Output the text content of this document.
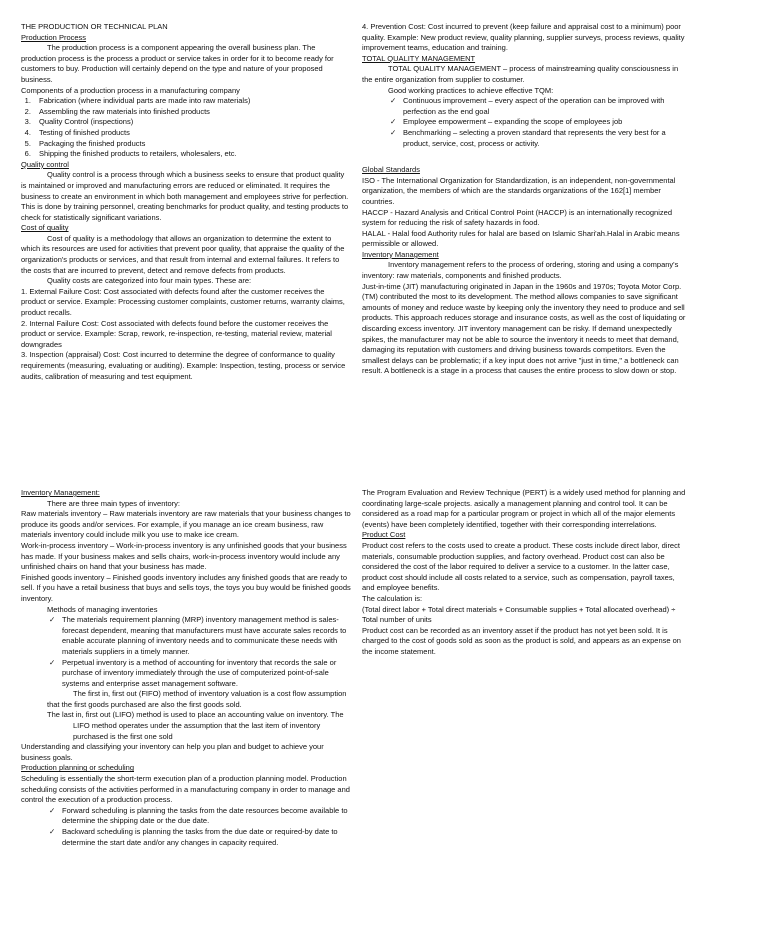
THE PRODUCTION OR TECHNICAL PLAN

Production Process

The production process is a component appearing the overall business plan. The production process is the process a product or service takes in order for it to become ready for customers to buy. Production will certainly depend on the type and nature of your proposed business.

Components of a production process in a manufacturing company

1. Fabrication (where individual parts are made into raw materials)
2. Assembling the raw materials into finished products
3. Quality Control (inspections)
4. Testing of finished products
5. Packaging the finished products
6. Shipping the finished products to retailers, wholesalers, etc.

Quality control

Quality control is a process through which a business seeks to ensure that product quality is maintained or improved and manufacturing errors are reduced or eliminated. It requires the business to create an environment in which both management and employees strive for perfection. This is done by training personnel, creating benchmarks for product quality, and testing products to check for statistically significant variations.

Cost of quality

Cost of quality is a methodology that allows an organization to determine the extent to which its resources are used for activities that prevent poor quality, that appraise the quality of the organization's products or services, and that result from internal and external failures. It refers to the costs that are incurred to prevent, detect and remove defects from products.

Quality costs are categorized into four main types. These are:

1. External Failure Cost: Cost associated with defects found after the customer receives the product or service. Example: Processing customer complaints, customer returns, warranty claims, product recalls.

2. Internal Failure Cost: Cost associated with defects found before the customer receives the product or service. Example: Scrap, rework, re-inspection, re-testing, material review, material downgrades

3. Inspection (appraisal) Cost: Cost incurred to determine the degree of conformance to quality requirements (measuring, evaluating or auditing). Example: Inspection, testing, process or service audits, calibration of measuring and test equipment.

4. Prevention Cost: Cost incurred to prevent (keep failure and appraisal cost to a minimum) poor quality. Example: New product review, quality planning, supplier surveys, process reviews, quality improvement teams, education and training.

TOTAL QUALITY MANAGEMENT

TOTAL QUALITY MANAGEMENT – process of mainstreaming quality consciousness in the entire organization from supplier to costumer.

Good working practices to achieve effective TQM:

✓ Continuous improvement – every aspect of the operation can be improved with perfection as the end goal
✓ Employee empowerment – expanding the scope of employees job
✓ Benchmarking – selecting a proven standard that represents the very best for a product, service, cost, process or activity.

Global Standards

ISO - The International Organization for Standardization, is an independent, non-governmental organization, the members of which are the standards organizations of the 162[1] member countries.

HACCP - Hazard Analysis and Critical Control Point (HACCP) is an internationally recognized system for reducing the risk of safety hazards in food.

HALAL - Halal food Authority rules for halal are based on Islamic Shari'ah.Halal in Arabic means permissible or allowed.

Inventory Management

Inventory management refers to the process of ordering, storing and using a company's inventory: raw materials, components and finished products.

Just-in-time (JIT) manufacturing originated in Japan in the 1960s and 1970s; Toyota Motor Corp. (TM) contributed the most to its development. The method allows companies to save significant amounts of money and reduce waste by keeping only the inventory they need to produce and sell products. This approach reduces storage and insurance costs, as well as the cost of liquidating or discarding excess inventory. JIT inventory management can be risky. If demand unexpectedly spikes, the manufacturer may not be able to source the inventory it needs to meet that demand, damaging its reputation with customers and driving business towards competitors. Even the smallest delays can be problematic; if a key input does not arrive "just in time," a bottleneck can result. A bottleneck is a stage in a process that causes the entire process to slow down or stop.

Inventory Management:

There are three main types of inventory:

Raw materials inventory – Raw materials inventory are raw materials that your business changes to produce its goods and/or services. For example, if you manage an ice cream business, raw materials inventory could include milk you use to make ice cream.

Work-in-process inventory – Work-in-process inventory is any unfinished goods that your business has made. If your business makes and sells chairs, work-in-process inventory would include any unfinished chairs on hand that your business has made.

Finished goods inventory – Finished goods inventory includes any finished goods that are ready to sell. If you have a retail business that buys and sells toys, the toys you buy would be finished goods inventory.

Methods of managing inventories

✓ The materials requirement planning (MRP) inventory management method is sales-forecast dependent, meaning that manufacturers must have accurate sales records to enable accurate planning of inventory needs and to communicate these needs with materials suppliers in a timely manner.
✓ Perpetual inventory is a method of accounting for inventory that records the sale or purchase of inventory immediately through the use of computerized point-of-sale systems and enterprise asset management software.

The first in, first out (FIFO) method of inventory valuation is a cost flow assumption that the first goods purchased are also the first goods sold.

The last in, first out (LIFO) method is used to place an accounting value on inventory. The

LIFO method operates under the assumption that the last item of inventory purchased is the first one sold

Understanding and classifying your inventory can help you plan and budget to achieve your business goals.

Production planning or scheduling

Scheduling is essentially the short-term execution plan of a production planning model. Production scheduling consists of the activities performed in a manufacturing company in order to manage and control the execution of a production process.

✓ Forward scheduling is planning the tasks from the date resources become available to determine the shipping date or the due date.
✓ Backward scheduling is planning the tasks from the due date or required-by date to determine the start date and/or any changes in capacity required.

The Program Evaluation and Review Technique (PERT) is a widely used method for planning and coordinating large-scale projects. asically a management planning and control tool. It can be considered as a road map for a particular program or project in which all of the major elements (events) have been completely identified, together with their corresponding interrelations.

Product Cost

Product cost refers to the costs used to create a product. These costs include direct labor, direct materials, consumable production supplies, and factory overhead. Product cost can also be considered the cost of the labor required to deliver a service to a customer. In the latter case, product cost should include all costs related to a service, such as compensation, payroll taxes, and employee benefits.

The calculation is:

(Total direct labor + Total direct materials + Consumable supplies + Total allocated overhead) ÷ Total number of units

Product cost can be recorded as an inventory asset if the product has not yet been sold. It is charged to the cost of goods sold as soon as the product is sold, and appears as an expense on the income statement.
